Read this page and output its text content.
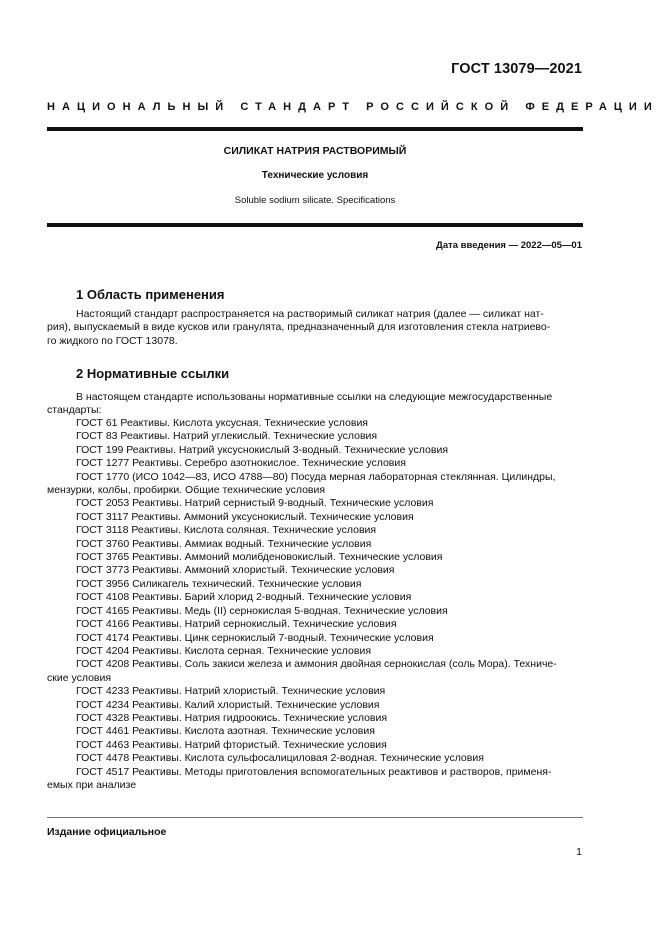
ГОСТ 13079—2021
НАЦИОНАЛЬНЫЙ СТАНДАРТ РОССИЙСКОЙ ФЕДЕРАЦИИ
СИЛИКАТ НАТРИЯ РАСТВОРИМЫЙ
Технические условия
Soluble sodium silicate. Specifications
Дата введения — 2022—05—01
1 Область применения
Настоящий стандарт распространяется на растворимый силикат натрия (далее — силикат нат-
рия), выпускаемый в виде кусков или гранулята, предназначенный для изготовления стекла натриево-
го жидкого по ГОСТ 13078.
2 Нормативные ссылки
В настоящем стандарте использованы нормативные ссылки на следующие межгосударственные
стандарты:
ГОСТ 61 Реактивы. Кислота уксусная. Технические условия
ГОСТ 83 Реактивы. Натрий углекислый. Технические условия
ГОСТ 199 Реактивы. Натрий уксуснокислый 3-водный. Технические условия
ГОСТ 1277 Реактивы. Серебро азотнокислое. Технические условия
ГОСТ 1770 (ИСО 1042—83, ИСО 4788—80) Посуда мерная лабораторная стеклянная. Цилиндры,
мензурки, колбы, пробирки. Общие технические условия
ГОСТ 2053 Реактивы. Натрий сернистый 9-водный. Технические условия
ГОСТ 3117 Реактивы. Аммоний уксуснокислый. Технические условия
ГОСТ 3118 Реактивы. Кислота соляная. Технические условия
ГОСТ 3760 Реактивы. Аммиак водный. Технические условия
ГОСТ 3765 Реактивы. Аммоний молибденовокислый. Технические условия
ГОСТ 3773 Реактивы. Аммоний хлористый. Технические условия
ГОСТ 3956 Силикагель технический. Технические условия
ГОСТ 4108 Реактивы. Барий хлорид 2-водный. Технические условия
ГОСТ 4165 Реактивы. Медь (II) сернокислая 5-водная. Технические условия
ГОСТ 4166 Реактивы. Натрий сернокислый. Технические условия
ГОСТ 4174 Реактивы. Цинк сернокислый 7-водный. Технические условия
ГОСТ 4204 Реактивы. Кислота серная. Технические условия
ГОСТ 4208 Реактивы. Соль закиси железа и аммония двойная сернокислая (соль Мора). Техниче-
ские условия
ГОСТ 4233 Реактивы. Натрий хлористый. Технические условия
ГОСТ 4234 Реактивы. Калий хлористый. Технические условия
ГОСТ 4328 Реактивы. Натрия гидроокись. Технические условия
ГОСТ 4461 Реактивы. Кислота азотная. Технические условия
ГОСТ 4463 Реактивы. Натрий фтористый. Технические условия
ГОСТ 4478 Реактивы. Кислота сульфосалициловая 2-водная. Технические условия
ГОСТ 4517 Реактивы. Методы приготовления вспомогательных реактивов и растворов, применя-
емых при анализе
Издание официальное
1
